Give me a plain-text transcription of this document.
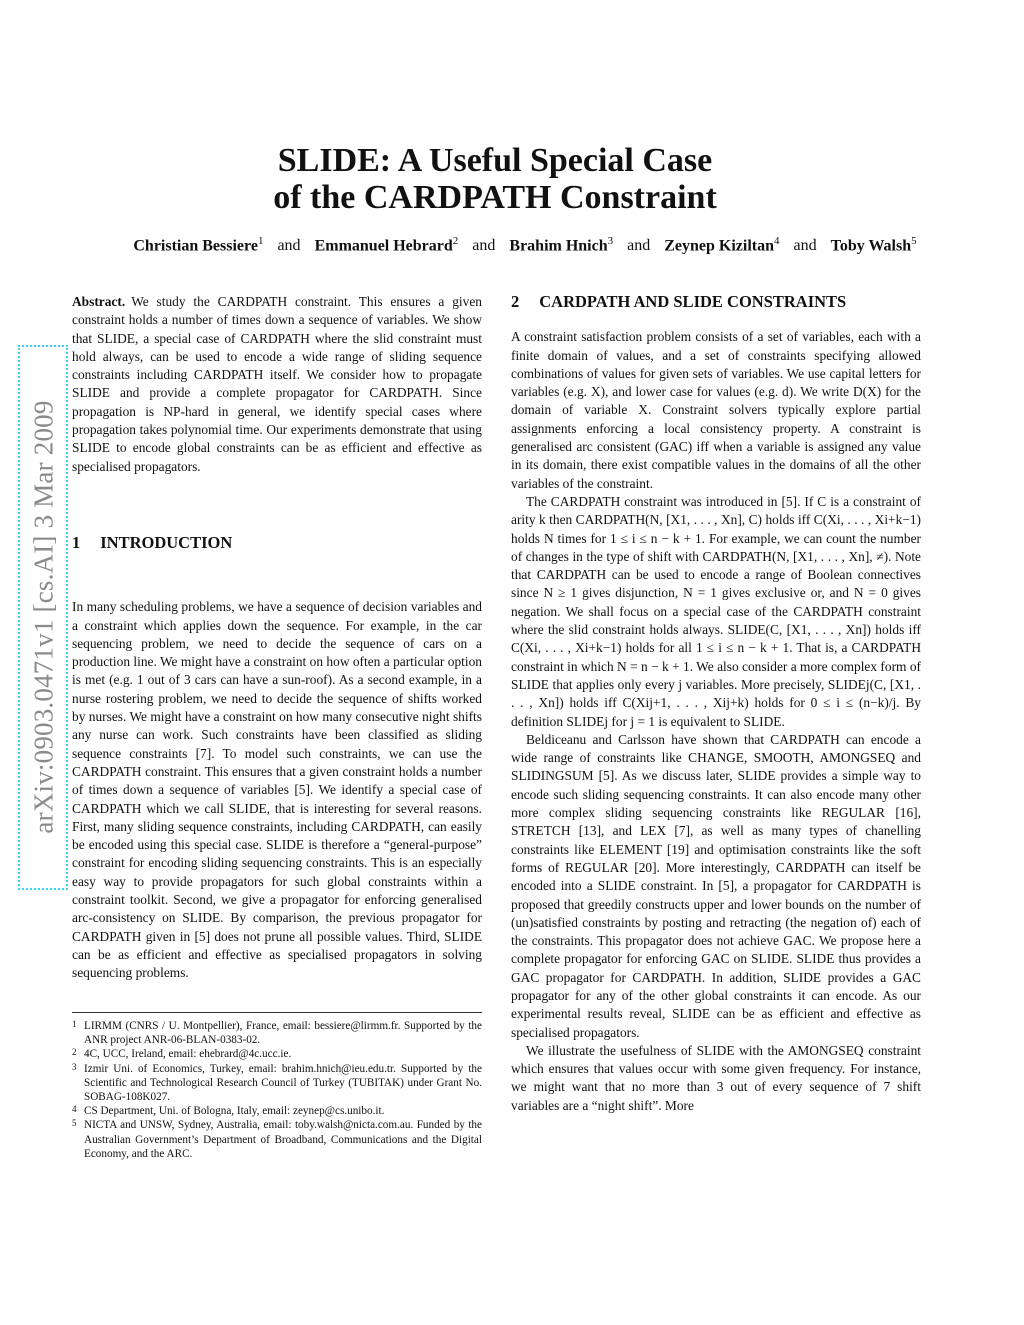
arXiv:0903.0471v1 [cs.AI] 3 Mar 2009
SLIDE: A Useful Special Case
of the CARDPATH Constraint
Christian Bessiere$^1$ and Emmanuel Hebrard$^2$ and Brahim Hnich$^3$ and Zeynep Kiziltan$^4$ and Toby Walsh$^5$

Abstract. We study the CARDPATH constraint. This ensures a given constraint holds a number of times down a sequence of variables. We show that SLIDE, a special case of CARDPATH where the slid constraint must hold always, can be used to encode a wide range of sliding sequence constraints including CARDPATH itself. We consider how to propagate SLIDE and provide a complete propagator for CARDPATH. Since propagation is NP-hard in general, we identify special cases where propagation takes polynomial time. Our experiments demonstrate that using SLIDE to encode global constraints can be as efficient and effective as specialised propagators.

1 INTRODUCTION

In many scheduling problems, we have a sequence of decision variables and a constraint which applies down the sequence. For example, in the car sequencing problem, we need to decide the sequence of cars on a production line. We might have a constraint on how often a particular option is met (e.g. 1 out of 3 cars can have a sun-roof). As a second example, in a nurse rostering problem, we need to decide the sequence of shifts worked by nurses. We might have a constraint on how many consecutive night shifts any nurse can work. Such constraints have been classified as sliding sequence constraints [7]. To model such constraints, we can use the CARDPATH constraint. This ensures that a given constraint holds a number of times down a sequence of variables [5]. We identify a special case of CARDPATH which we call SLIDE, that is interesting for several reasons. First, many sliding sequence constraints, including CARDPATH, can easily be encoded using this special case. SLIDE is therefore a “general-purpose” constraint for encoding sliding sequencing constraints. This is an especially easy way to provide propagators for such global constraints within a constraint toolkit. Second, we give a propagator for enforcing generalised arc-consistency on SLIDE. By comparison, the previous propagator for CARDPATH given in [5] does not prune all possible values. Third, SLIDE can be as efficient and effective as specialised propagators in solving sequencing problems.

1 LIRMM (CNRS / U. Montpellier), France, email: bessiere@lirmm.fr. Supported by the ANR project ANR-06-BLAN-0383-02.
2 4C, UCC, Ireland, email: ehebrard@4c.ucc.ie.
3 Izmir Uni. of Economics, Turkey, email: brahim.hnich@ieu.edu.tr. Supported by the Scientific and Technological Research Council of Turkey (TUBITAK) under Grant No. SOBAG-108K027.
4 CS Department, Uni. of Bologna, Italy, email: zeynep@cs.unibo.it.
5 NICTA and UNSW, Sydney, Australia, email: toby.walsh@nicta.com.au. Funded by the Australian Government’s Department of Broadband, Communications and the Digital Economy, and the ARC.
2 CARDPATH AND SLIDE CONSTRAINTS

A constraint satisfaction problem consists of a set of variables, each with a finite domain of values, and a set of constraints specifying allowed combinations of values for given sets of variables. We use capital letters for variables (e.g. X), and lower case for values (e.g. d). We write D(X) for the domain of variable X. Constraint solvers typically explore partial assignments enforcing a local consistency property. A constraint is generalised arc consistent (GAC) iff when a variable is assigned any value in its domain, there exist compatible values in the domains of all the other variables of the constraint.

The CARDPATH constraint was introduced in [5]. If C is a constraint of arity k then CARDPATH(N, [X1, . . . , Xn], C) holds iff C(Xi, . . . , Xi+k−1) holds N times for 1 ≤ i ≤ n − k + 1. For example, we can count the number of changes in the type of shift with CARDPATH(N, [X1, . . . , Xn], ≠). Note that CARDPATH can be used to encode a range of Boolean connectives since N ≥ 1 gives disjunction, N = 1 gives exclusive or, and N = 0 gives negation. We shall focus on a special case of the CARDPATH constraint where the slid constraint holds always. SLIDE(C, [X1, . . . , Xn]) holds iff C(Xi, . . . , Xi+k−1) holds for all 1 ≤ i ≤ n − k + 1. That is, a CARDPATH constraint in which N = n − k + 1. We also consider a more complex form of SLIDE that applies only every j variables. More precisely, SLIDEj(C, [X1, . . . , Xn]) holds iff C(Xij+1, . . . , Xij+k) holds for 0 ≤ i ≤ (n−k)/j. By definition SLIDEj for j = 1 is equivalent to SLIDE.

Beldiceanu and Carlsson have shown that CARDPATH can encode a wide range of constraints like CHANGE, SMOOTH, AMONGSEQ and SLIDINGSUM [5]. As we discuss later, SLIDE provides a simple way to encode such sliding sequencing constraints. It can also encode many other more complex sliding sequencing constraints like REGULAR [16], STRETCH [13], and LEX [7], as well as many types of chanelling constraints like ELEMENT [19] and optimisation constraints like the soft forms of REGULAR [20]. More interestingly, CARDPATH can itself be encoded into a SLIDE constraint. In [5], a propagator for CARDPATH is proposed that greedily constructs upper and lower bounds on the number of (un)satisfied constraints by posting and retracting (the negation of) each of the constraints. This propagator does not achieve GAC. We propose here a complete propagator for enforcing GAC on SLIDE. SLIDE thus provides a GAC propagator for CARDPATH. In addition, SLIDE provides a GAC propagator for any of the other global constraints it can encode. As our experimental results reveal, SLIDE can be as efficient and effective as specialised propagators.

We illustrate the usefulness of SLIDE with the AMONGSEQ constraint which ensures that values occur with some given frequency. For instance, we might want that no more than 3 out of every sequence of 7 shift variables are a “night shift”. More
